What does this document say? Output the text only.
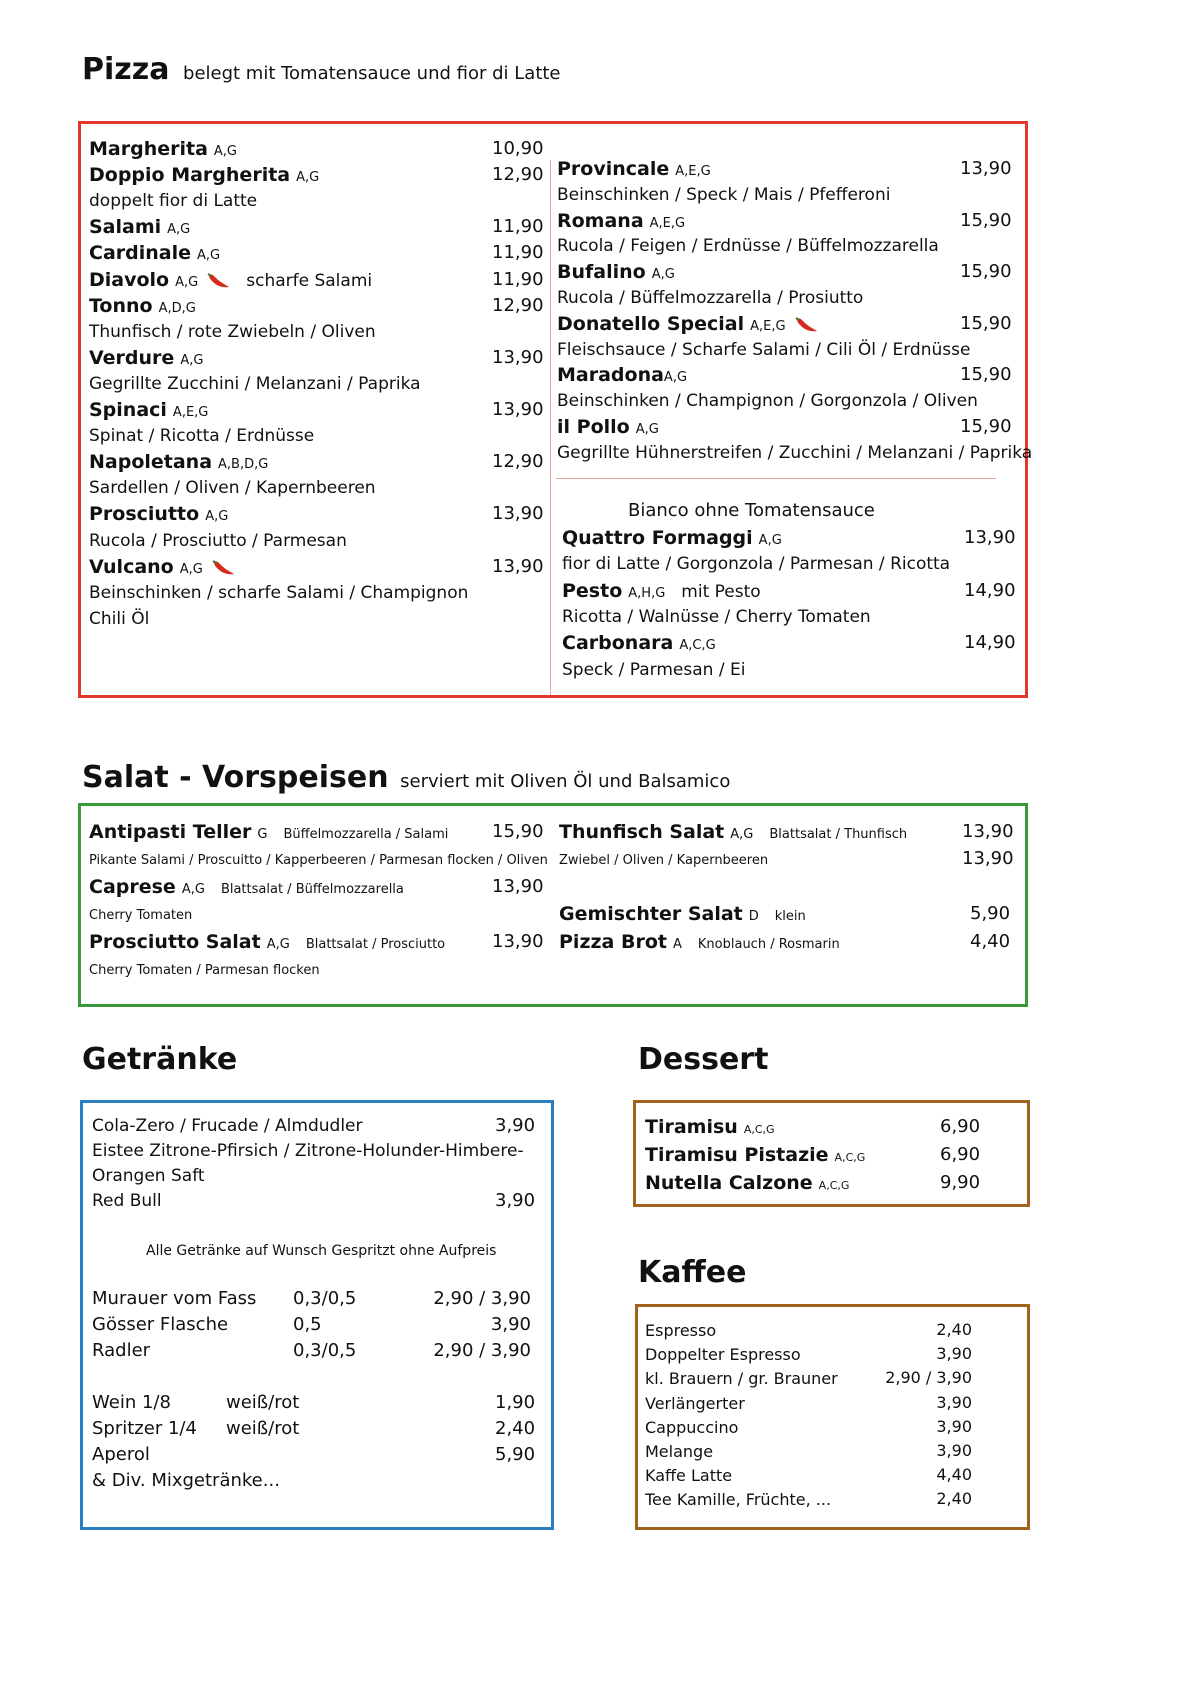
Pizza belegt mit Tomatensauce und fior di Latte
Margherita A,G	10,90
Doppio Margherita A,G	12,90
doppelt fior di Latte
Salami A,G	11,90
Cardinale A,G	11,90
Diavolo A,G	scharfe Salami	11,90
Tonno A,D,G	12,90
Thunfisch / rote Zwiebeln / Oliven
Verdure A,G	13,90
Gegrillte Zucchini / Melanzani / Paprika
Spinaci A,E,G	13,90
Spinat / Ricotta / Erdnüsse
Napoletana A,B,D,G	12,90
Sardellen / Oliven / Kapernbeeren
Prosciutto A,G	13,90
Rucola / Prosciutto / Parmesan
Vulcano A,G	13,90
Beinschinken / scharfe Salami / Champignon
Chili Öl
Provincale A,E,G	13,90
Beinschinken / Speck / Mais / Pfefferoni
Romana A,E,G	15,90
Rucola / Feigen / Erdnüsse / Büffelmozzarella
Bufalino A,G	15,90
Rucola / Büffelmozzarella / Prosiutto
Donatello Special A,E,G	15,90
Fleischsauce / Scharfe Salami / Cili Öl / Erdnüsse
MaradonaA,G	15,90
Beinschinken / Champignon / Gorgonzola / Oliven
il Pollo A,G	15,90
Gegrillte Hühnerstreifen / Zucchini / Melanzani / Paprika
Bianco ohne Tomatensauce
Quattro Formaggi A,G	13,90
fior di Latte / Gorgonzola / Parmesan / Ricotta
Pesto A,H,G mit Pesto	14,90
Ricotta / Walnüsse / Cherry Tomaten
Carbonara A,C,G	14,90
Speck / Parmesan / Ei
Salat - Vorspeisen serviert mit Oliven Öl und Balsamico
Antipasti Teller G Büffelmozzarella / Salami 15,90
Pikante Salami / Proscuitto / Kapperbeeren / Parmesan flocken / Oliven
Caprese A,G Blattsalat / Büffelmozzarella	13,90
Cherry Tomaten
Prosciutto Salat A,G Blattsalat / Prosciutto	13,90
Cherry Tomaten / Parmesan flocken
Thunfisch Salat A,G Blattsalat / Thunfisch	13,90
Zwiebel / Oliven / Kapernbeeren	13,90
Gemischter Salat D klein	5,90
Pizza Brot A Knoblauch / Rosmarin	4,40
Getränke
Cola-Zero / Frucade / Almdudler	3,90
Eistee Zitrone-Pfirsich / Zitrone-Holunder-Himbere-
Orangen Saft
Red Bull	3,90
Alle Getränke auf Wunsch Gespritzt ohne Aufpreis
Murauer vom Fass 0,3/0,5	2,90 / 3,90
Gösser Flasche	0,5	3,90
Radler	0,3/0,5	2,90 / 3,90
Wein 1/8	weiß/rot	1,90
Spritzer 1/4 weiß/rot	2,40
Aperol	5,90
& Div. Mixgetränke...
Dessert
Tiramisu A,C,G	6,90
Tiramisu Pistazie A,C,G	6,90
Nutella Calzone A,C,G	9,90
Kaffee
Espresso	2,40
Doppelter Espresso	3,90
kl. Brauern / gr. Brauner	2,90 / 3,90
Verlängerter	3,90
Cappuccino	3,90
Melange	3,90
Kaffe Latte	4,40
Tee Kamille, Früchte, ...	2,40
